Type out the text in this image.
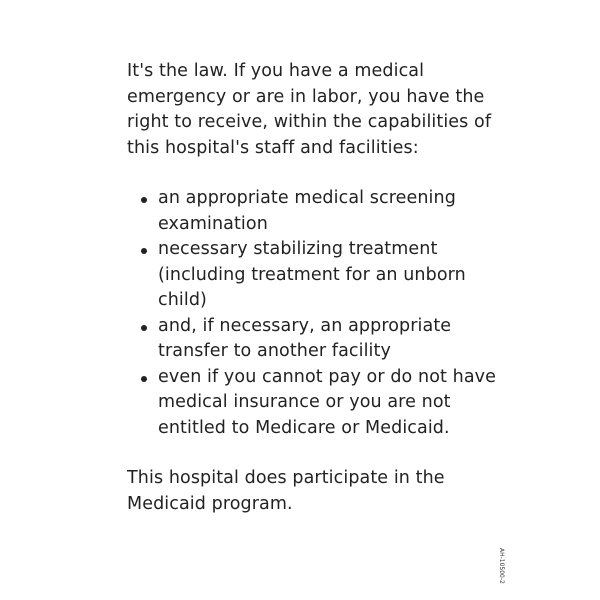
It's the law. If you have a medical emergency or are in labor, you have the right to receive, within the capabilities of this hospital's staff and facilities:

an appropriate medical screening examination
necessary stabilizing treatment (including treatment for an unborn child)
and, if necessary, an appropriate transfer to another facility
even if you cannot pay or do not have medical insurance or you are not entitled to Medicare or Medicaid.

This hospital does participate in the Medicaid program.

AH-10500-2
